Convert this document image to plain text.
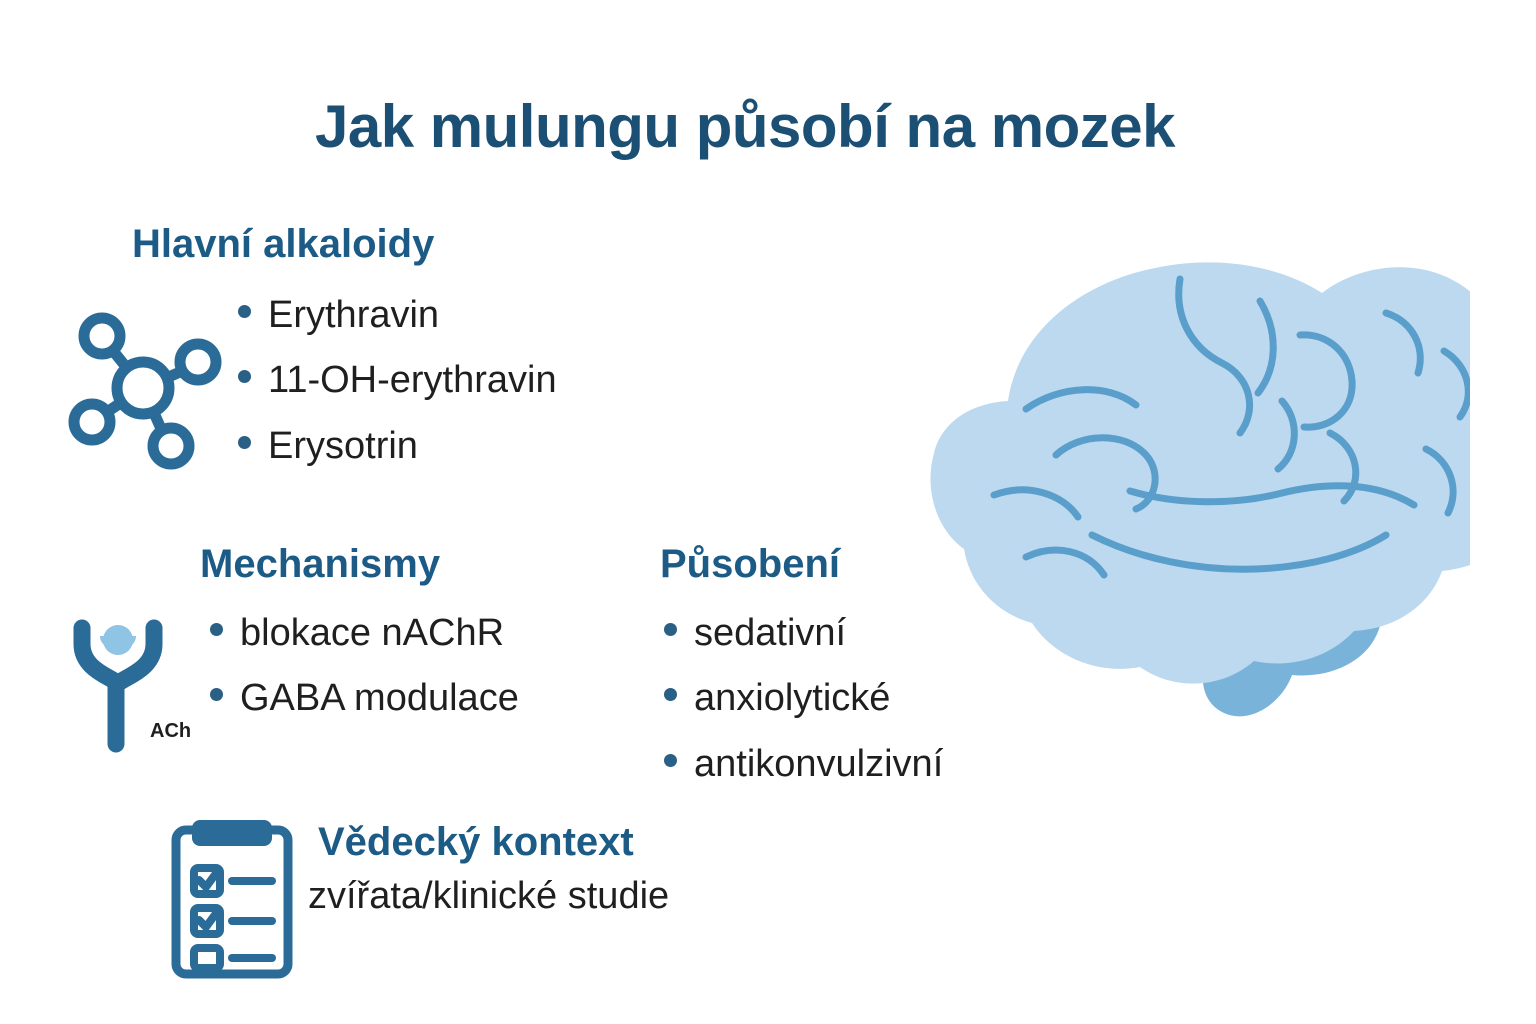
Jak mulungu působí na mozek
Hlavní alkaloidy
Erythravin
11-OH-erythravin
Erysotrin
ACh
Mechanismy
blokace nAChR
GABA modulace
Působení
sedativní
anxiolytické
antikonvulzivní
Vědecký kontext
zvířata/klinické studie
